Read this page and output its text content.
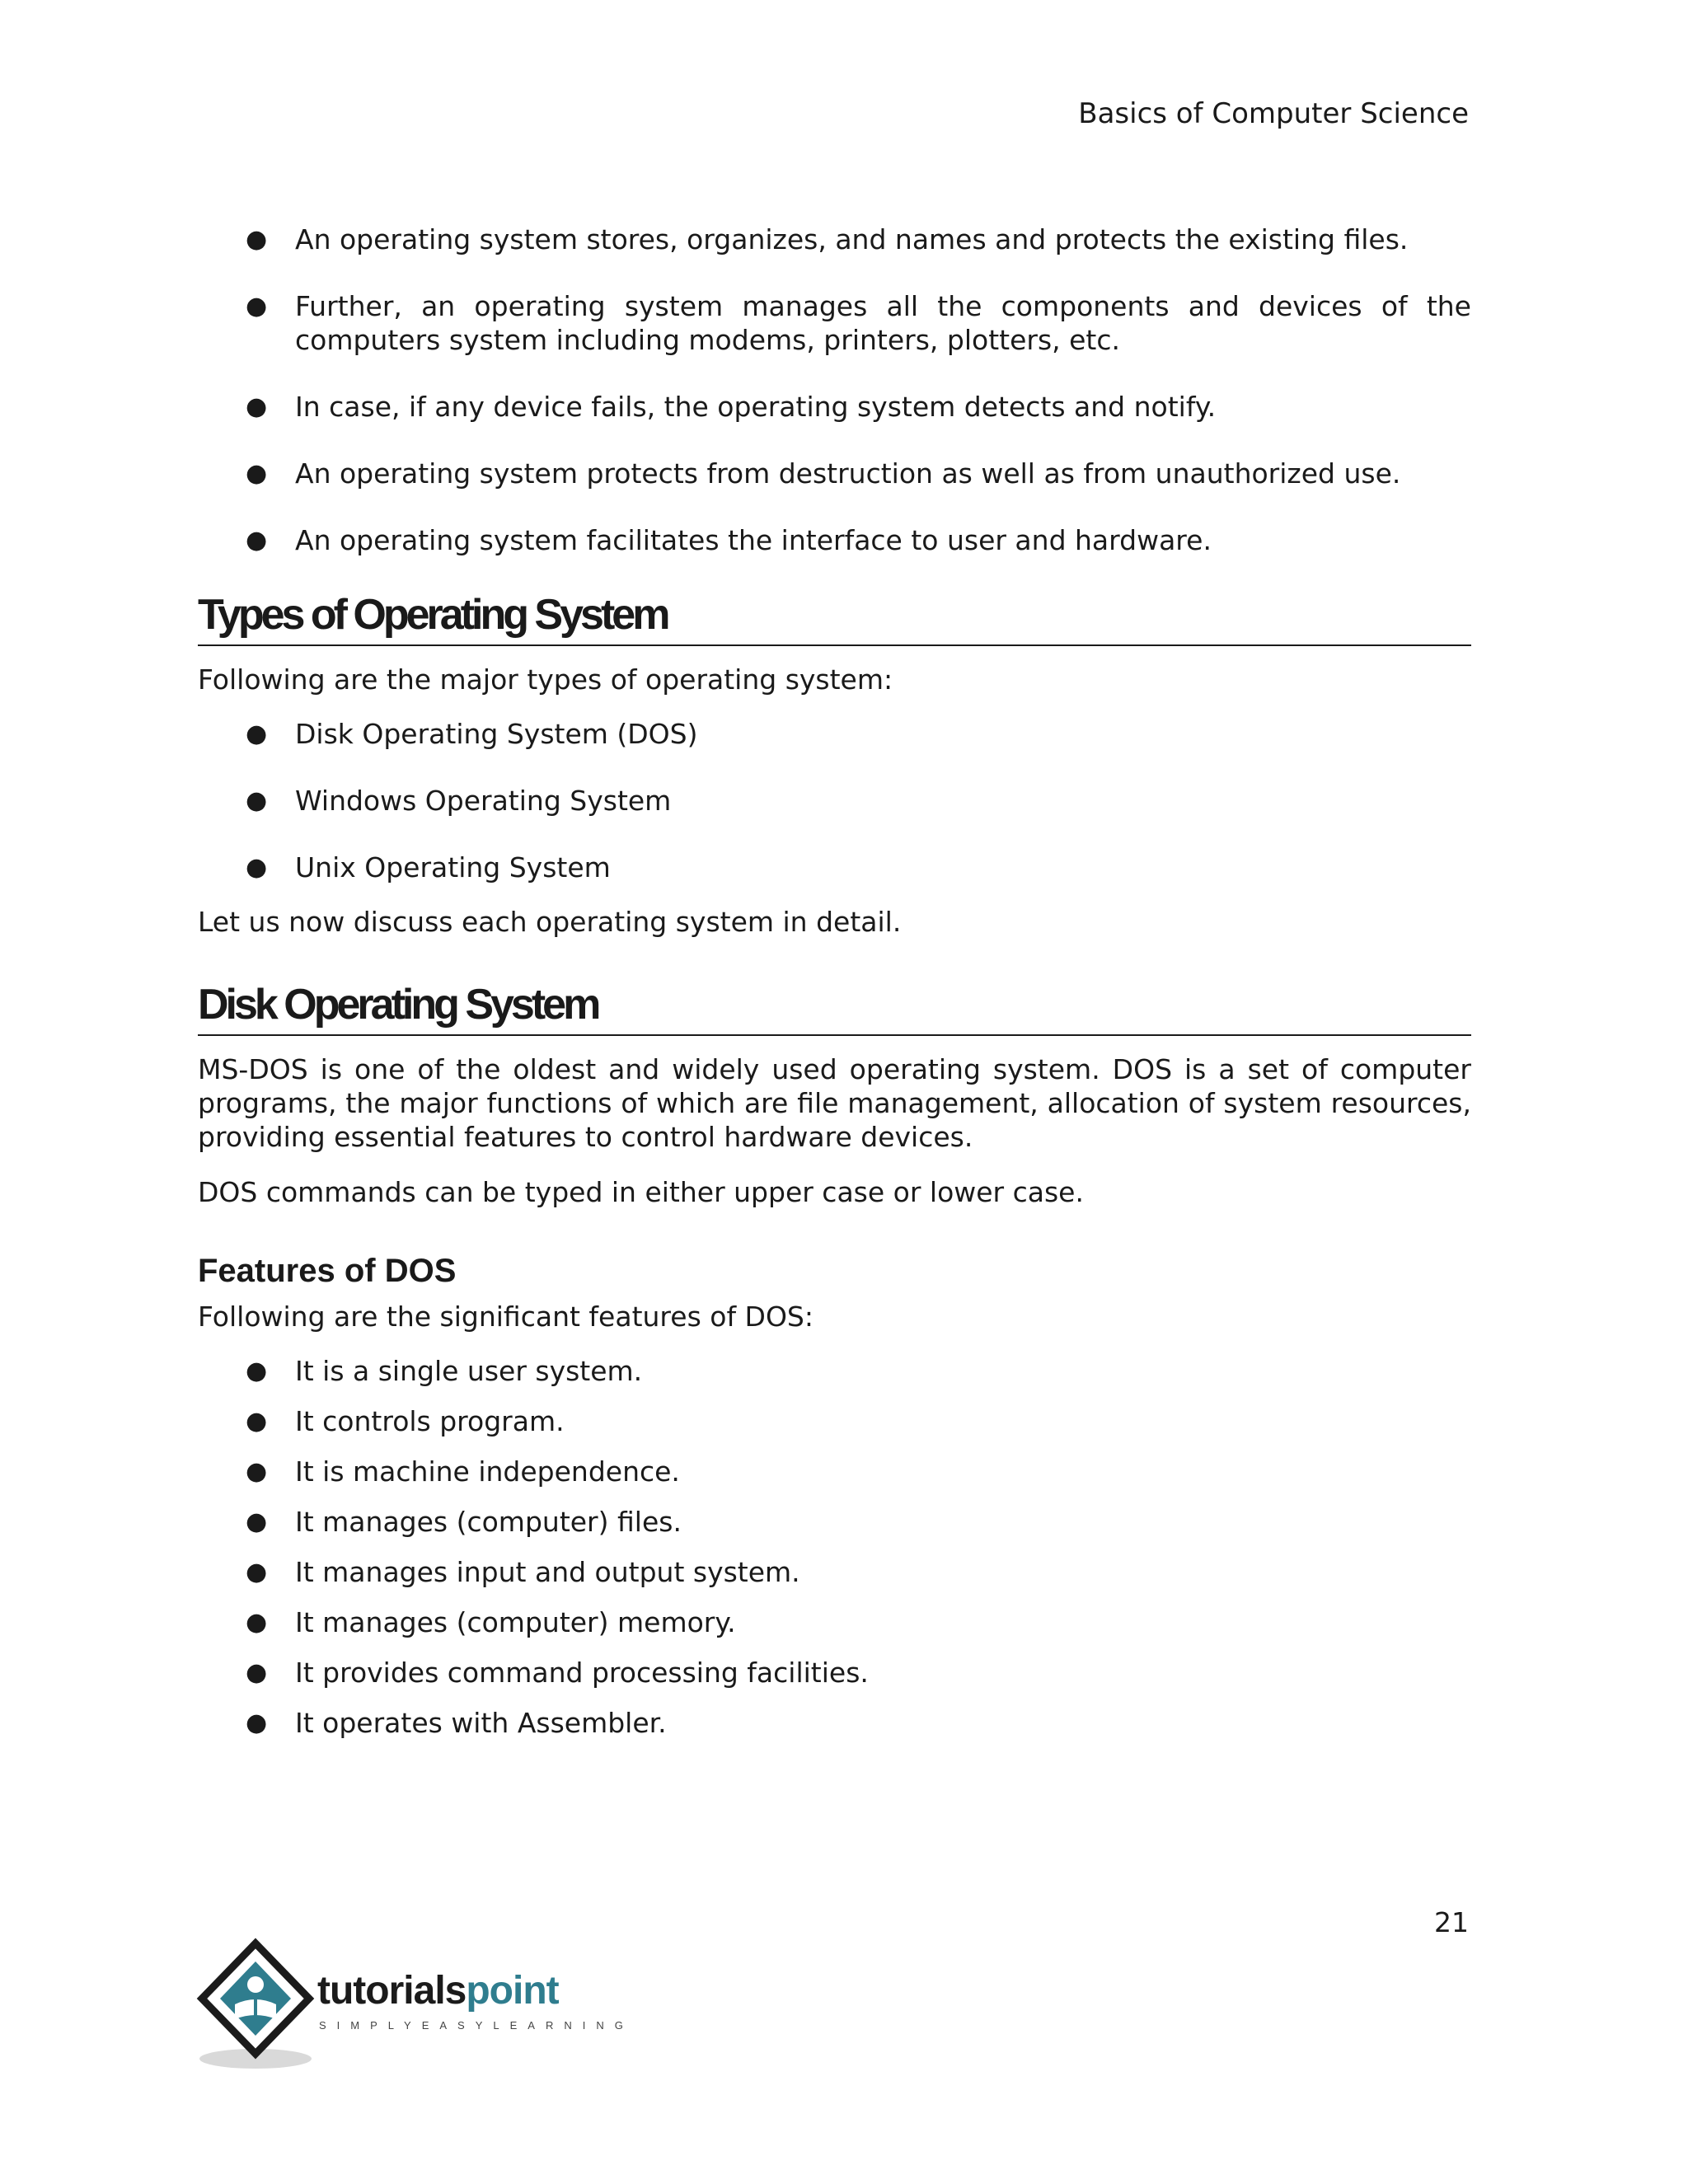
Basics of Computer Science
● An operating system stores, organizes, and names and protects the existing files.
● Further, an operating system manages all the components and devices of the computers system including modems, printers, plotters, etc.
● In case, if any device fails, the operating system detects and notify.
● An operating system protects from destruction as well as from unauthorized use.
● An operating system facilitates the interface to user and hardware.
Types of Operating System

Following are the major types of operating system:

● Disk Operating System (DOS)
● Windows Operating System
● Unix Operating System

Let us now discuss each operating system in detail.

Disk Operating System

MS-DOS is one of the oldest and widely used operating system. DOS is a set of computer programs, the major functions of which are file management, allocation of system resources, providing essential features to control hardware devices.

DOS commands can be typed in either upper case or lower case.

Features of DOS

Following are the significant features of DOS:

● It is a single user system.
● It controls program.
● It is machine independence.
● It manages (computer) files.
● It manages input and output system.
● It manages (computer) memory.
● It provides command processing facilities.
● It operates with Assembler.
21
tutorialspoint
SIMPLYEASYLEARNING
